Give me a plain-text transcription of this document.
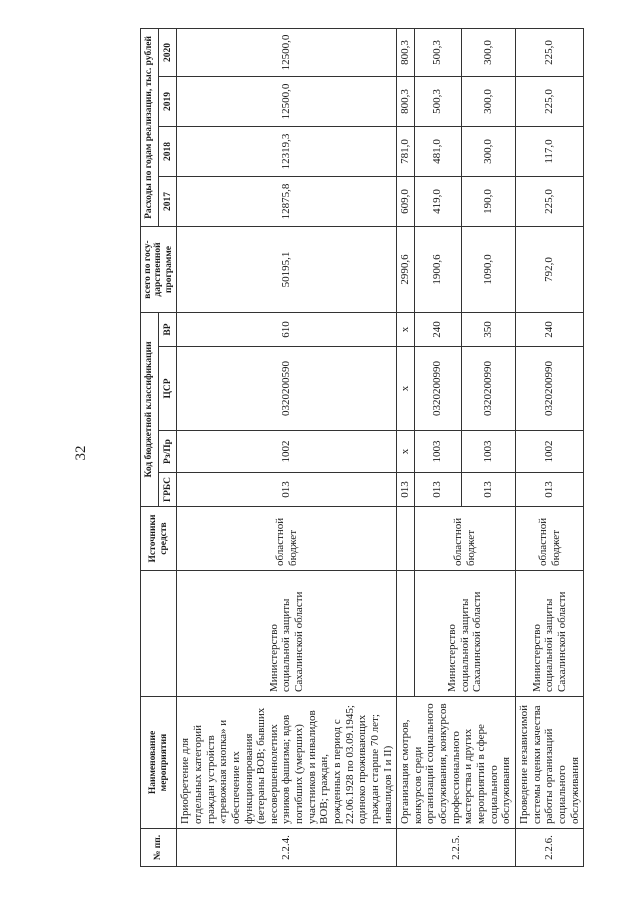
32
№ пп.	Наименование мероприятия		Источники средств	Код бюджетной классификации				всего по госу-дарственной программе	Расходы по годам реализации, тыс. рублей			
				ГРБС	Рз/Пр	ЦСР	ВР		2017	2018	2019	2020
2.2.4.	Приобретение для отдельных категорий граждан устройств «тревожная кнопка» и обеспечение их функционирования (ветераны ВОВ; бывших несовершеннолетних узников фашизма; вдов погибших (умерших) участников и инвалидов ВОВ; граждан, рожденных в период с 22.06.1928 по 03.09.1945; одиноко проживающих граждан старше 70 лет; инвалидов I и II)	Министерство социальной защиты Сахалинской области	областной бюджет	013	1002	0320200590	610	50195,1	12875,8	12319,3	12500,0	12500,0
2.2.5.	Организация смотров, конкурсов среди организаций социального обслуживания, конкурсов профессионального мастерства и других мероприятий в сфере социального обслуживания			013	x	x	x	2990,6	609,0	781,0	800,3	800,3
		Министерство социальной защиты Сахалинской области	областной бюджет	013	1003	0320200990	240	1900,6	419,0	481,0	500,3	500,3
				013	1003	0320200990	350	1090,0	190,0	300,0	300,0	300,0

2.2.6.	Проведение независимой системы оценки качества работы организаций социального обслуживания	Министерство социальной защиты Сахалинской области	областной бюджет	013	1002	0320200990	240	792,0	225,0	117,0	225,0	225,0
